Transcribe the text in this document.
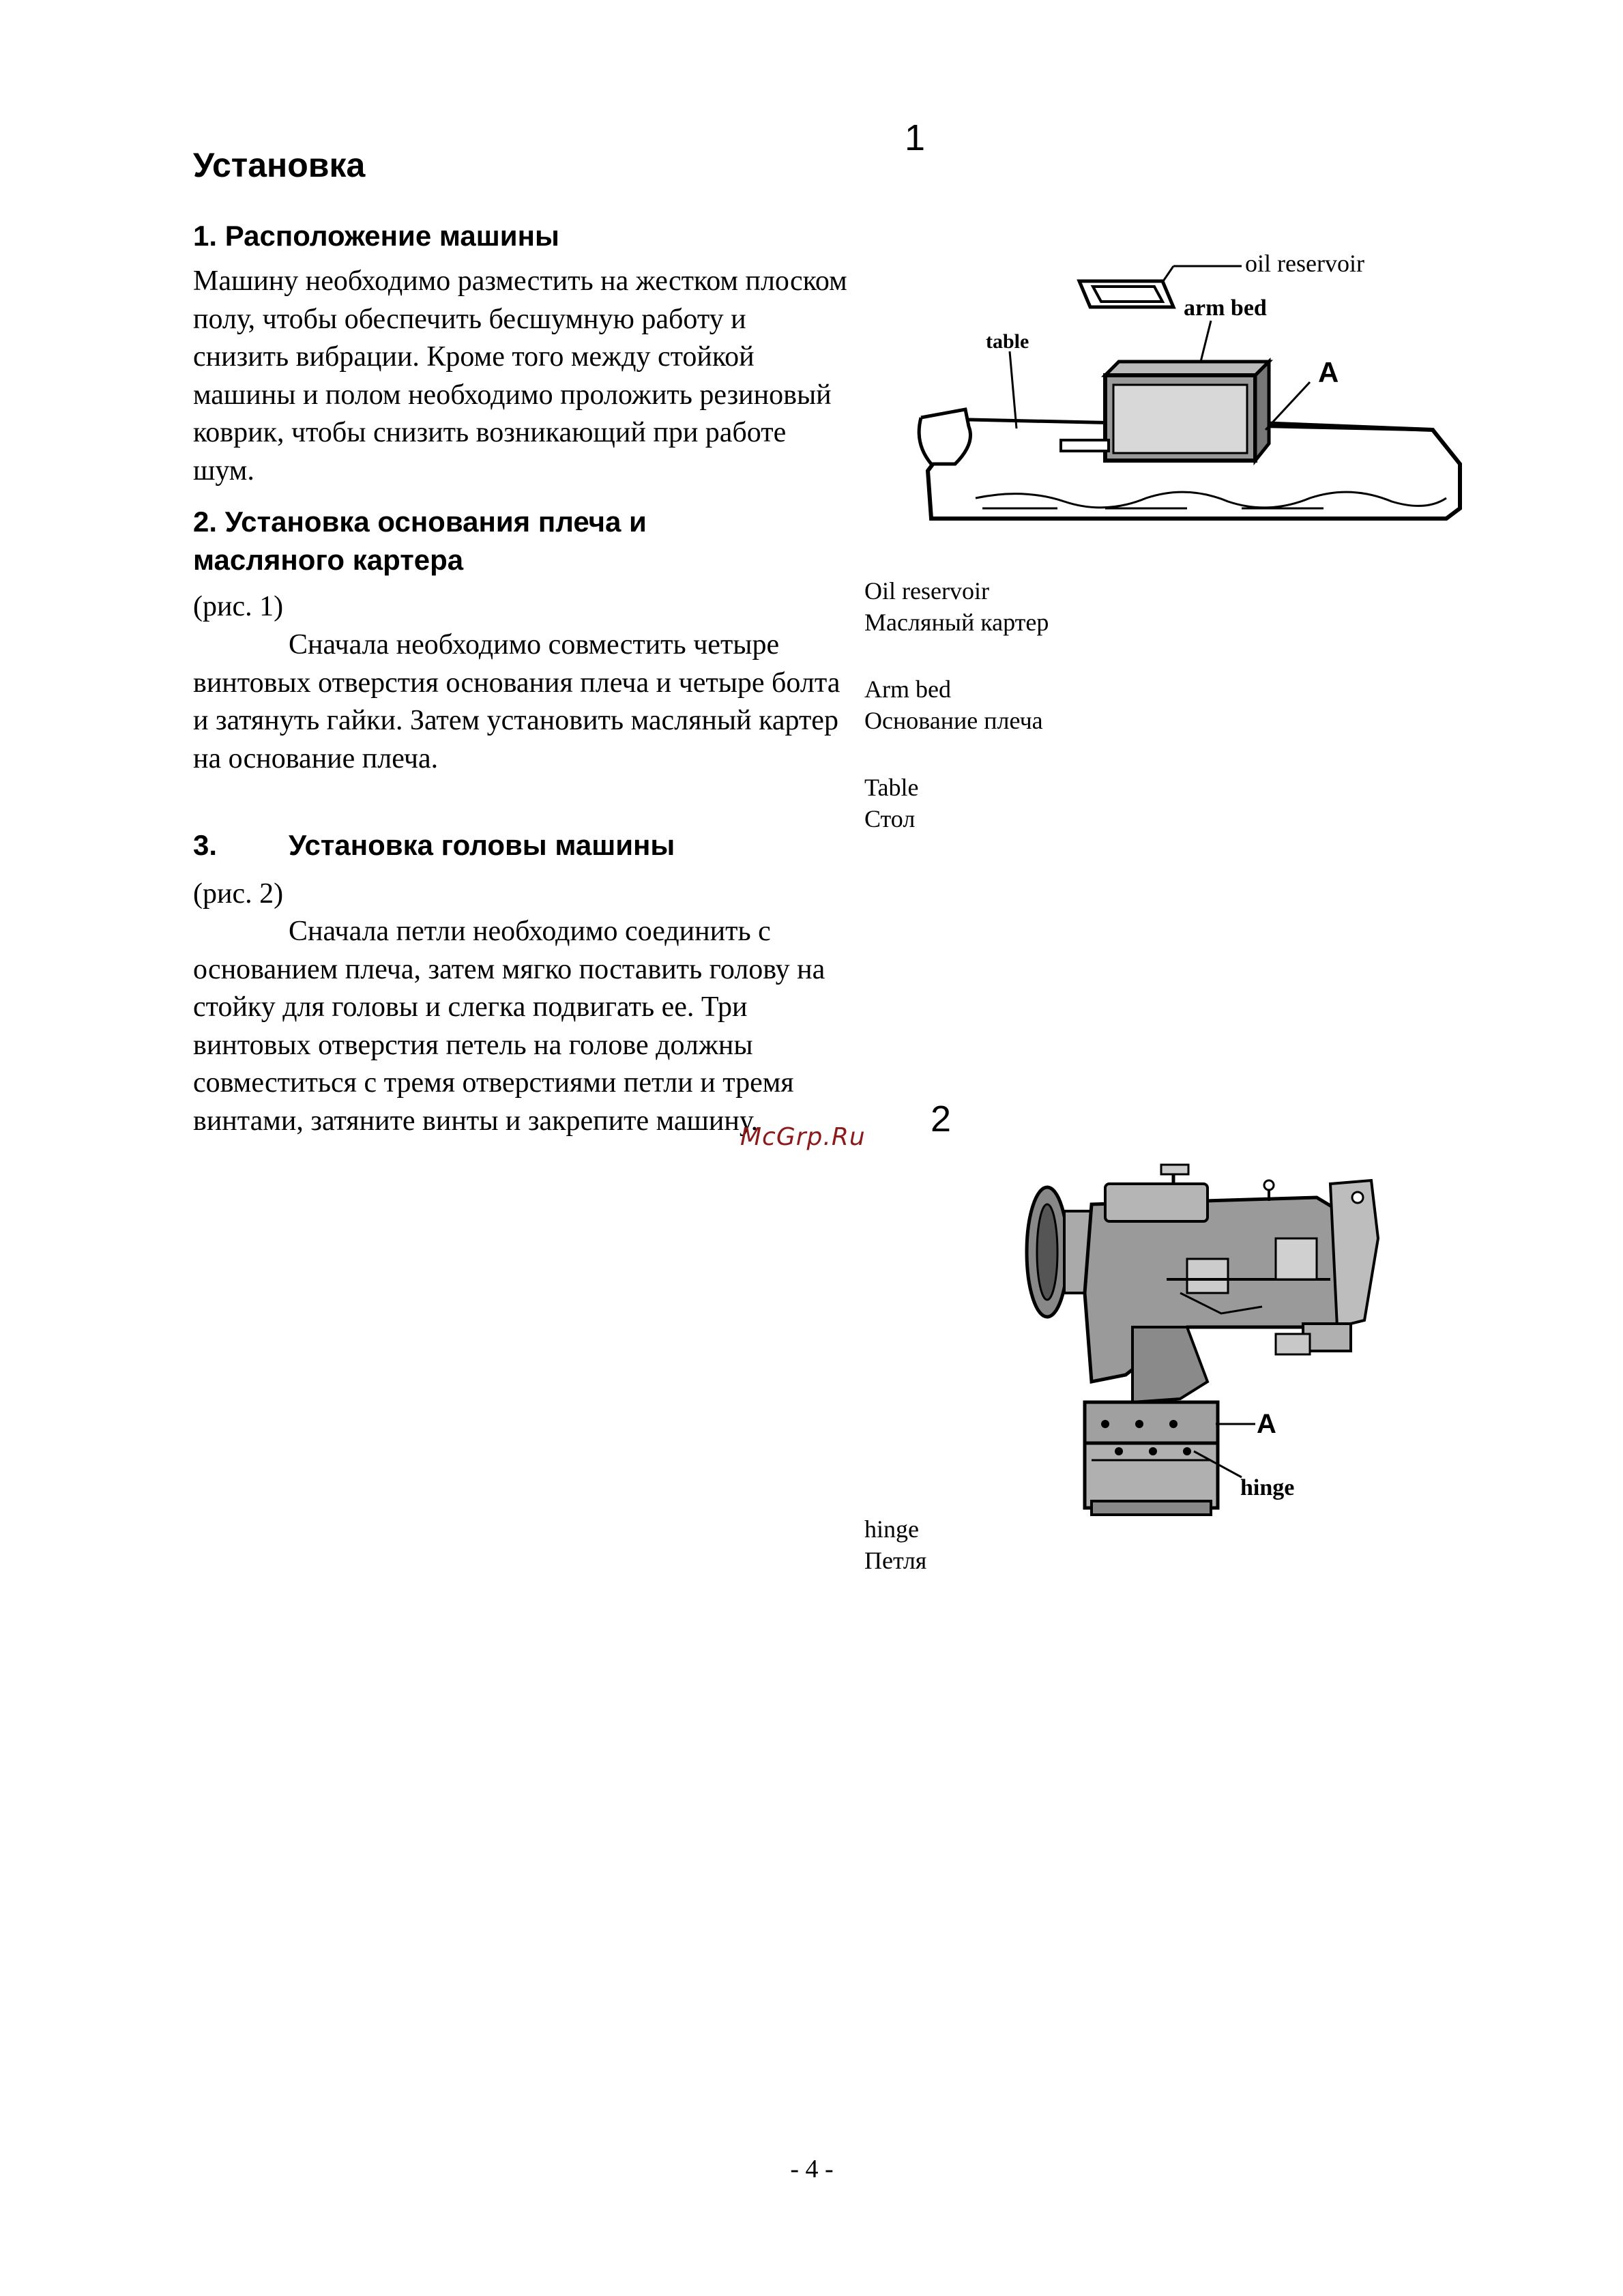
Установка
1. Расположение машины

Машину необходимо разместить на жестком плоском полу, чтобы обеспечить бесшумную работу и снизить вибрации. Кроме того между стойкой машины и полом необходимо проложить резиновый коврик, чтобы снизить возникающий при работе шум.

2. Установка основания плеча и
масляного картера

(рис. 1)

Сначала необходимо совместить четыре винтовых отверстия основания плеча и четыре болта и затянуть гайки. Затем установить масляный картер на основание плеча.

3. Установка головы машины

(рис. 2)

Сначала петли необходимо соединить с основанием плеча, затем мягко поставить голову на стойку для головы и слегка подвигать ее. Три винтовых отверстия петель на голове должны совместиться с тремя отверстиями петли и тремя винтами, затяните винты и закрепите машину.

1
oil reservoir
arm bed
table
A
Oil reservoir
Масляный картер
Arm bed
Основание плеча
Table
Стол
2
A
hinge
hinge
Петля
McGrp.Ru
- 4 -
